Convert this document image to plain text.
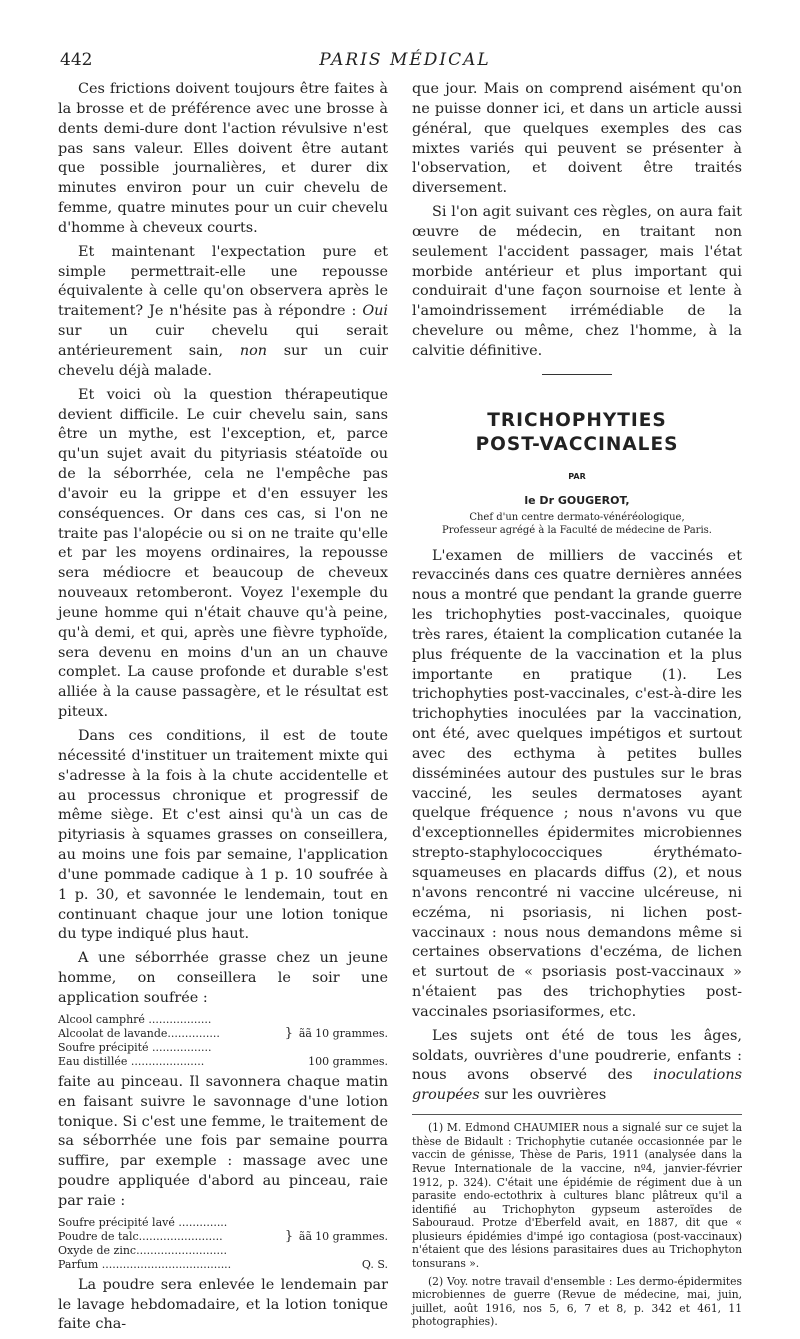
442	PARIS MÉDICAL

Ces frictions doivent toujours être faites à la brosse et de préférence avec une brosse à dents demi-dure dont l'action révulsive n'est pas sans valeur. Elles doivent être autant que possible journalières, et durer dix minutes environ pour un cuir chevelu de femme, quatre minutes pour un cuir chevelu d'homme à cheveux courts.

Et maintenant l'expectation pure et simple permettrait-elle une repousse équivalente à celle qu'on observera après le traitement? Je n'hésite pas à répondre : Oui sur un cuir chevelu qui serait antérieurement sain, non sur un cuir chevelu déjà malade.

Et voici où la question thérapeutique devient difficile. Le cuir chevelu sain, sans être un mythe, est l'exception, et, parce qu'un sujet avait du pityriasis stéatoïde ou de la séborrhée, cela ne l'empêche pas d'avoir eu la grippe et d'en essuyer les conséquences. Or dans ces cas, si l'on ne traite pas l'alopécie ou si on ne traite qu'elle et par les moyens ordinaires, la repousse sera médiocre et beaucoup de cheveux nouveaux retomberont. Voyez l'exemple du jeune homme qui n'était chauve qu'à peine, qu'à demi, et qui, après une fièvre typhoïde, sera devenu en moins d'un an un chauve complet. La cause profonde et durable s'est alliée à la cause passagère, et le résultat est piteux.

Dans ces conditions, il est de toute nécessité d'instituer un traitement mixte qui s'adresse à la fois à la chute accidentelle et au processus chronique et progressif de même siège. Et c'est ainsi qu'à un cas de pityriasis à squames grasses on conseillera, au moins une fois par semaine, l'application d'une pommade cadique à 1 p. 10 soufrée à 1 p. 30, et savonnée le lendemain, tout en continuant chaque jour une lotion tonique du type indiqué plus haut.

A une séborrhée grasse chez un jeune homme, on conseillera le soir une application soufrée :

Alcool camphré ..................	}	ãã	10 grammes.
Alcoolat de lavande...............			
Soufre précipité .................			
Eau distillée .....................	100 grammes.		

faite au pinceau. Il savonnera chaque matin en faisant suivre le savonnage d'une lotion tonique. Si c'est une femme, le traitement de sa séborrhée une fois par semaine pourra suffire, par exemple : massage avec une poudre appliquée d'abord au pinceau, raie par raie :

Soufre précipité lavé ..............	}	ãã	10 grammes.
Poudre de talc........................			
Oxyde de zinc..........................			
Parfum .....................................	Q. S.		

La poudre sera enlevée le lendemain par le lavage hebdomadaire, et la lotion tonique faite cha-

que jour. Mais on comprend aisément qu'on ne puisse donner ici, et dans un article aussi général, que quelques exemples des cas mixtes variés qui peuvent se présenter à l'observation, et doivent être traités diversement.

Si l'on agit suivant ces règles, on aura fait œuvre de médecin, en traitant non seulement l'accident passager, mais l'état morbide antérieur et plus important qui conduirait d'une façon sournoise et lente à l'amoindrissement irrémédiable de la chevelure ou même, chez l'homme, à la calvitie définitive.

TRICHOPHYTIES
POST-VACCINALES
PAR
le Dr GOUGEROT,
Chef d'un centre dermato-vénéréologique,
Professeur agrégé à la Faculté de médecine de Paris.

L'examen de milliers de vaccinés et revaccinés dans ces quatre dernières années nous a montré que pendant la grande guerre les trichophyties post-vaccinales, quoique très rares, étaient la complication cutanée la plus fréquente de la vaccination et la plus importante en pratique (1). Les trichophyties post-vaccinales, c'est-à-dire les trichophyties inoculées par la vaccination, ont été, avec quelques impétigos et surtout avec des ecthyma à petites bulles disséminées autour des pustules sur le bras vacciné, les seules dermatoses ayant quelque fréquence ; nous n'avons vu que d'exceptionnelles épidermites microbiennes strepto-staphylococciques érythémato-squameuses en placards diffus (2), et nous n'avons rencontré ni vaccine ulcéreuse, ni eczéma, ni psoriasis, ni lichen post-vaccinaux : nous nous demandons même si certaines observations d'eczéma, de lichen et surtout de « psoriasis post-vaccinaux » n'étaient pas des trichophyties post-vaccinales psoriasiformes, etc.

Les sujets ont été de tous les âges, soldats, ouvrières d'une poudrerie, enfants : nous avons observé des inoculations groupées sur les ouvrières

(1) M. Edmond CHAUMIER nous a signalé sur ce sujet la thèse de Bidault : Trichophytie cutanée occasionnée par le vaccin de génisse, Thèse de Paris, 1911 (analysée dans la Revue Internationale de la vaccine, nº4, janvier-février 1912, p. 324). C'était une épidémie de régiment due à un parasite endo-ectothrix à cultures blanc plâtreux qu'il a identifié au Trichophyton gypseum asteroïdes de Sabouraud. Protze d'Eberfeld avait, en 1887, dit que « plusieurs épidémies d'impé igo contagiosa (post-vaccinaux) n'étaient que des lésions parasitaires dues au Trichophyton tonsurans ».

(2) Voy. notre travail d'ensemble : Les dermo-épidermites microbiennes de guerre (Revue de médecine, mai, juin, juillet, août 1916, nos 5, 6, 7 et 8, p. 342 et 461, 11 photographies).
